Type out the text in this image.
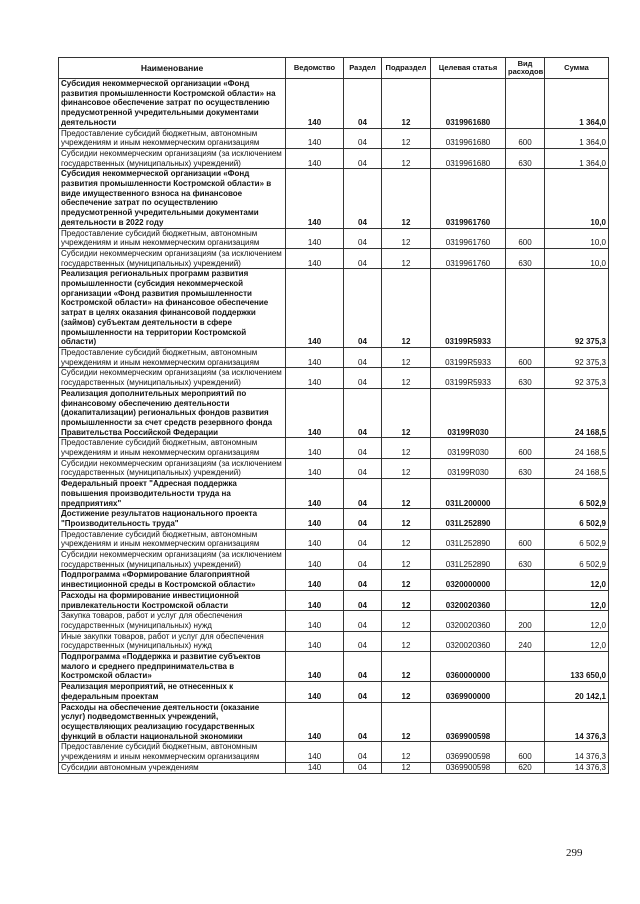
Наименование	Ведомство	Раздел	Подраздел	Целевая статья	Вид расходов	Сумма
Субсидия некоммерческой организации «Фонд развития промышленности Костромской области» на финансовое обеспечение затрат по осуществлению предусмотренной учредительными документами деятельности	140	04	12	0319961680		1 364,0
Предоставление субсидий бюджетным, автономным учреждениям и иным некоммерческим организациям	140	04	12	0319961680	600	1 364,0
Субсидии некоммерческим организациям (за исключением государственных (муниципальных) учреждений)	140	04	12	0319961680	630	1 364,0
Субсидия некоммерческой организации «Фонд развития промышленности Костромской области» в виде имущественного взноса на финансовое обеспечение затрат по осуществлению предусмотренной учредительными документами деятельности в 2022 году	140	04	12	0319961760		10,0
Предоставление субсидий бюджетным, автономным учреждениям и иным некоммерческим организациям	140	04	12	0319961760	600	10,0
Субсидии некоммерческим организациям (за исключением государственных (муниципальных) учреждений)	140	04	12	0319961760	630	10,0
Реализация региональных программ развития промышленности (субсидия некоммерческой организации «Фонд развития промышленности Костромской области» на финансовое обеспечение затрат в целях оказания финансовой поддержки (займов) субъектам деятельности в сфере промышленности на территории Костромской области)	140	04	12	03199R5933		92 375,3
Предоставление субсидий бюджетным, автономным учреждениям и иным некоммерческим организациям	140	04	12	03199R5933	600	92 375,3
Субсидии некоммерческим организациям (за исключением государственных (муниципальных) учреждений)	140	04	12	03199R5933	630	92 375,3
Реализация дополнительных мероприятий по финансовому обеспечению деятельности (докапитализации) региональных фондов развития промышленности за счет средств резервного фонда Правительства Российской Федерации	140	04	12	03199R030		24 168,5
Предоставление субсидий бюджетным, автономным учреждениям и иным некоммерческим организациям	140	04	12	03199R030	600	24 168,5
Субсидии некоммерческим организациям (за исключением государственных (муниципальных) учреждений)	140	04	12	03199R030	630	24 168,5
Федеральный проект "Адресная поддержка повышения производительности труда на предприятиях"	140	04	12	031L200000		6 502,9
Достижение результатов национального проекта "Производительность труда"	140	04	12	031L252890		6 502,9
Предоставление субсидий бюджетным, автономным учреждениям и иным некоммерческим организациям	140	04	12	031L252890	600	6 502,9
Субсидии некоммерческим организациям (за исключением государственных (муниципальных) учреждений)	140	04	12	031L252890	630	6 502,9
Подпрограмма «Формирование благоприятной инвестиционной среды в Костромской области»	140	04	12	0320000000		12,0
Расходы на формирование инвестиционной привлекательности Костромской области	140	04	12	0320020360		12,0
Закупка товаров, работ и услуг для обеспечения государственных (муниципальных) нужд	140	04	12	0320020360	200	12,0
Иные закупки товаров, работ и услуг для обеспечения государственных (муниципальных) нужд	140	04	12	0320020360	240	12,0
Подпрограмма «Поддержка и развитие субъектов малого и среднего предпринимательства в Костромской области»	140	04	12	0360000000		133 650,0
Реализация мероприятий, не отнесенных к федеральным проектам	140	04	12	0369900000		20 142,1
Расходы на обеспечение деятельности (оказание услуг) подведомственных учреждений, осуществляющих реализацию государственных функций в области национальной экономики	140	04	12	0369900598		14 376,3
Предоставление субсидий бюджетным, автономным учреждениям и иным некоммерческим организациям	140	04	12	0369900598	600	14 376,3
Субсидии автономным учреждениям	140	04	12	0369900598	620	14 376,3
299
